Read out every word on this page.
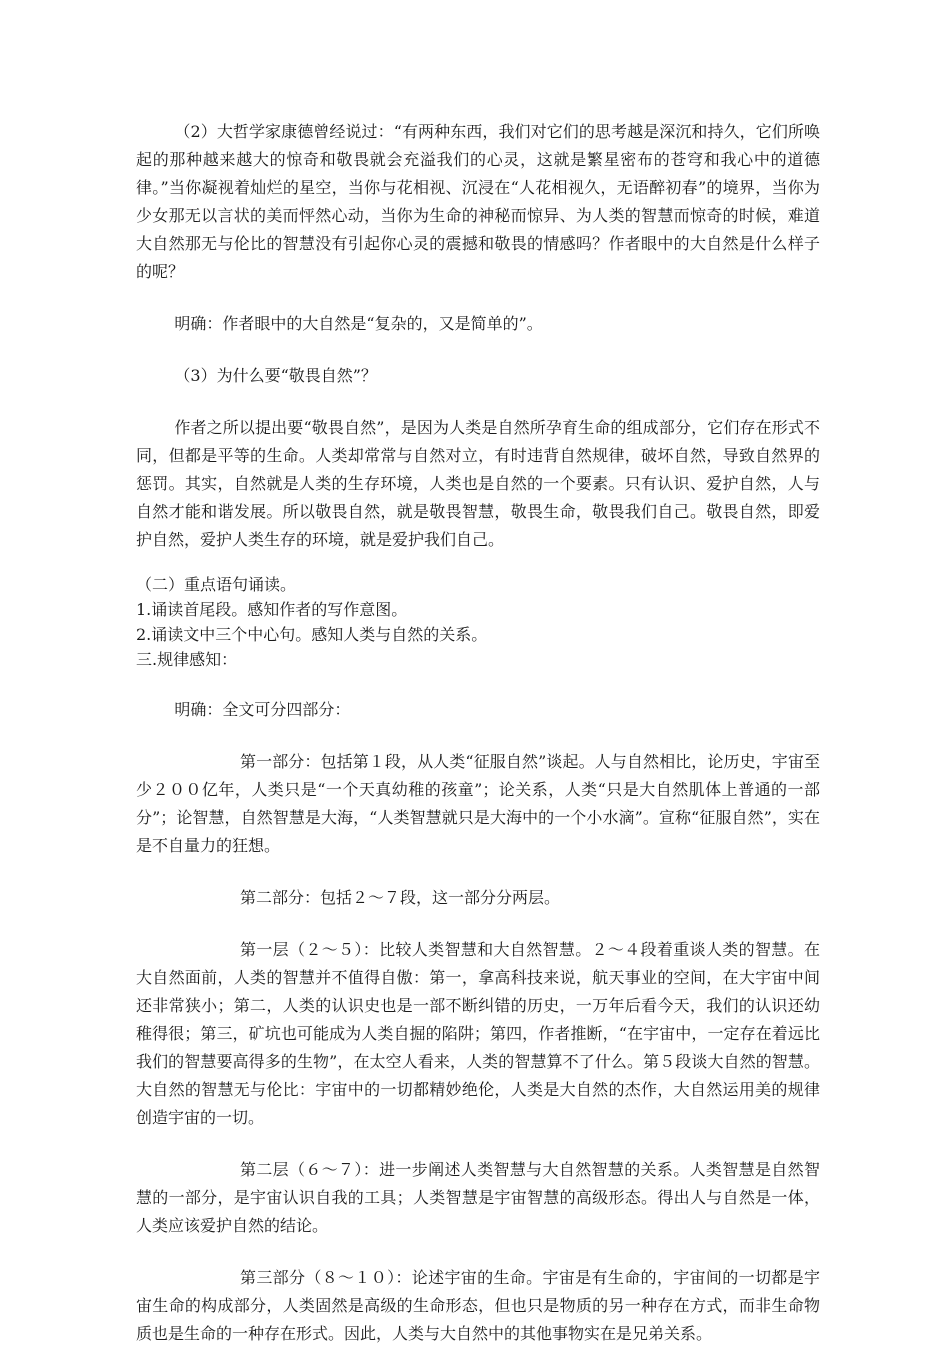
（2）大哲学家康德曾经说过：“有两种东西，我们对它们的思考越是深沉和持久，它们所唤起的那种越来越大的惊奇和敬畏就会充溢我们的心灵，这就是繁星密布的苍穹和我心中的道德律。”当你凝视着灿烂的星空，当你与花相视、沉浸在“人花相视久，无语醉初春”的境界，当你为少女那无以言状的美而怦然心动，当你为生命的神秘而惊异、为人类的智慧而惊奇的时候，难道大自然那无与伦比的智慧没有引起你心灵的震撼和敬畏的情感吗？作者眼中的大自然是什么样子的呢？

明确：作者眼中的大自然是“复杂的，又是简单的”。

（3）为什么要“敬畏自然”？

作者之所以提出要“敬畏自然”，是因为人类是自然所孕育生命的组成部分，它们存在形式不同，但都是平等的生命。人类却常常与自然对立，有时违背自然规律，破坏自然，导致自然界的惩罚。其实，自然就是人类的生存环境，人类也是自然的一个要素。只有认识、爱护自然，人与自然才能和谐发展。所以敬畏自然，就是敬畏智慧，敬畏生命，敬畏我们自己。敬畏自然，即爱护自然，爱护人类生存的环境，就是爱护我们自己。

（二）重点语句诵读。

1.诵读首尾段。感知作者的写作意图。

2.诵读文中三个中心句。感知人类与自然的关系。

三.规律感知：

明确：全文可分四部分：

第一部分：包括第１段，从人类“征服自然”谈起。人与自然相比，论历史，宇宙至少２００亿年，人类只是“一个天真幼稚的孩童”；论关系，人类“只是大自然肌体上普通的一部分”；论智慧，自然智慧是大海，“人类智慧就只是大海中的一个小水滴”。宣称“征服自然”，实在是不自量力的狂想。

第二部分：包括２～７段，这一部分分两层。

第一层（２～５）：比较人类智慧和大自然智慧。２～４段着重谈人类的智慧。在大自然面前，人类的智慧并不值得自傲：第一，拿高科技来说，航天事业的空间，在大宇宙中间还非常狭小；第二，人类的认识史也是一部不断纠错的历史，一万年后看今天，我们的认识还幼稚得很；第三，矿坑也可能成为人类自掘的陷阱；第四，作者推断，“在宇宙中，一定存在着远比我们的智慧要高得多的生物”，在太空人看来，人类的智慧算不了什么。第５段谈大自然的智慧。大自然的智慧无与伦比：宇宙中的一切都精妙绝伦，人类是大自然的杰作，大自然运用美的规律创造宇宙的一切。

第二层（６～７）：进一步阐述人类智慧与大自然智慧的关系。人类智慧是自然智慧的一部分，是宇宙认识自我的工具；人类智慧是宇宙智慧的高级形态。得出人与自然是一体，人类应该爱护自然的结论。

第三部分（８～１０）：论述宇宙的生命。宇宙是有生命的，宇宙间的一切都是宇宙生命的构成部分，人类固然是高级的生命形态，但也只是物质的另一种存在方式，而非生命物质也是生命的一种存在形式。因此，人类与大自然中的其他事物实在是兄弟关系。
